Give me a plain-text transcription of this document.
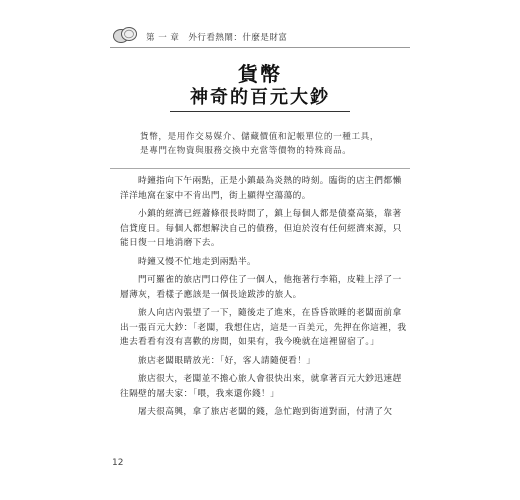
第 一 章　外行看熱鬧：什麼是財富
貨幣
神奇的百元大鈔
貨幣，是用作交易媒介、儲藏價值和記帳單位的一種工具，
是專門在物資與服務交換中充當等價物的特殊商品。

時鐘指向下午兩點，正是小鎮最為炎熱的時刻。臨街的店主們都懶洋洋地窩在家中不肯出門，街上顯得空蕩蕩的。

小鎮的經濟已經蕭條很長時間了，鎮上每個人都是債臺高築，靠著信貸度日。每個人都想解決自己的債務，但迫於沒有任何經濟來源，只能日復一日地消磨下去。

時鐘又慢不忙地走到兩點半。

門可羅雀的旅店門口停住了一個人，他拖著行李箱，皮鞋上浮了一層薄灰，看樣子應該是一個長途跋涉的旅人。

旅人向店內張望了一下，隨後走了進來，在昏昏欲睡的老闆面前拿出一張百元大鈔：「老闆，我想住店，這是一百美元，先押在你這裡，我進去看看有沒有喜歡的房間，如果有，我今晚就在這裡留宿了。」

旅店老闆眼睛放光：「好，客人請隨便看！」

旅店很大，老闆並不擔心旅人會很快出來，就拿著百元大鈔迅速趕往隔壁的屠夫家：「喂，我來還你錢！」

屠夫很高興，拿了旅店老闆的錢，急忙跑到街道對面，付清了欠

12
